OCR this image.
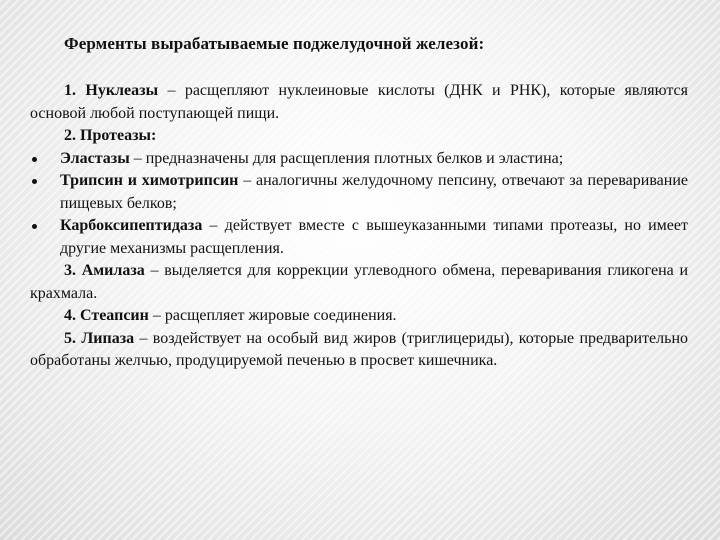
Ферменты вырабатываемые поджелудочной железой:

1. Нуклеазы – расщепляют нуклеиновые кислоты (ДНК и РНК), которые являются основой любой поступающей пищи.

2. Протеазы:

Эластазы – предназначены для расщепления плотных белков и эластина;

Трипсин и химотрипсин – аналогичны желудочному пепсину, отвечают за переваривание пищевых белков;

Карбоксипептидаза – действует вместе с вышеуказанными типами протеазы, но имеет другие механизмы расщепления.

3. Амилаза – выделяется для коррекции углеводного обмена, переваривания гликогена и крахмала.

4. Стеапсин – расщепляет жировые соединения.

5. Липаза – воздействует на особый вид жиров (триглицериды), которые предварительно обработаны желчью, продуцируемой печенью в просвет кишечника.
